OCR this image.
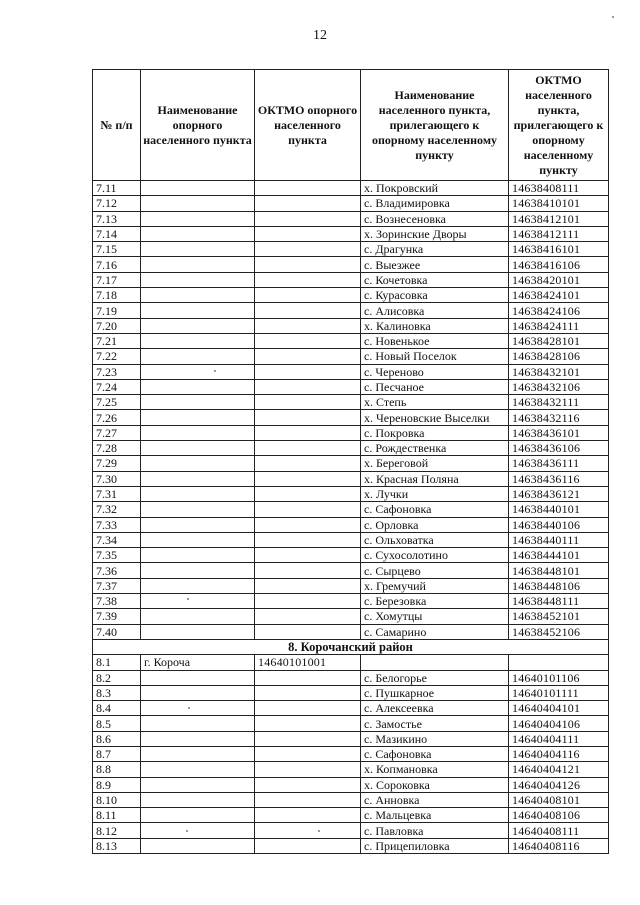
12
№ п/п	Наименование опорного населенного пункта	ОКТМО опорного населенного пункта	Наименование населенного пункта, прилегающего к опорному населенному пункту	ОКТМО населенного пункта, прилегающего к опорному населенному пункту
7.11			х. Покровский	14638408111
7.12			с. Владимировка	14638410101
7.13			с. Вознесеновка	14638412101
7.14			х. Зоринские Дворы	14638412111
7.15			с. Драгунка	14638416101
7.16			с. Выезжее	14638416106
7.17			с. Кочетовка	14638420101
7.18			с. Курасовка	14638424101
7.19			с. Алисовка	14638424106
7.20			х. Калиновка	14638424111
7.21			с. Новенькое	14638428101
7.22			с. Новый Поселок	14638428106
7.23			с. Череново	14638432101
7.24			с. Песчаное	14638432106
7.25			х. Степь	14638432111
7.26			х. Череновские Выселки	14638432116
7.27			с. Покровка	14638436101
7.28			с. Рождественка	14638436106
7.29			х. Береговой	14638436111
7.30			х. Красная Поляна	14638436116
7.31			х. Лучки	14638436121
7.32			с. Сафоновка	14638440101
7.33			с. Орловка	14638440106
7.34			с. Ольховатка	14638440111
7.35			с. Сухосолотино	14638444101
7.36			с. Сырцево	14638448101
7.37			х. Гремучий	14638448106
7.38			с. Березовка	14638448111
7.39			с. Хомутцы	14638452101
7.40			с. Самарино	14638452106
8. Корочанский район				
8.1	г. Короча	14640101001		
8.2			с. Белогорье	14640101106
8.3			с. Пушкарное	14640101111
8.4			с. Алексеевка	14640404101
8.5			с. Замостье	14640404106
8.6			с. Мазикино	14640404111
8.7			с. Сафоновка	14640404116
8.8			х. Копмановка	14640404121
8.9			х. Сороковка	14640404126
8.10			с. Анновка	14640408101
8.11			с. Мальцевка	14640408106
8.12			с. Павловка	14640408111
8.13			с. Прицепиловка	14640408116
